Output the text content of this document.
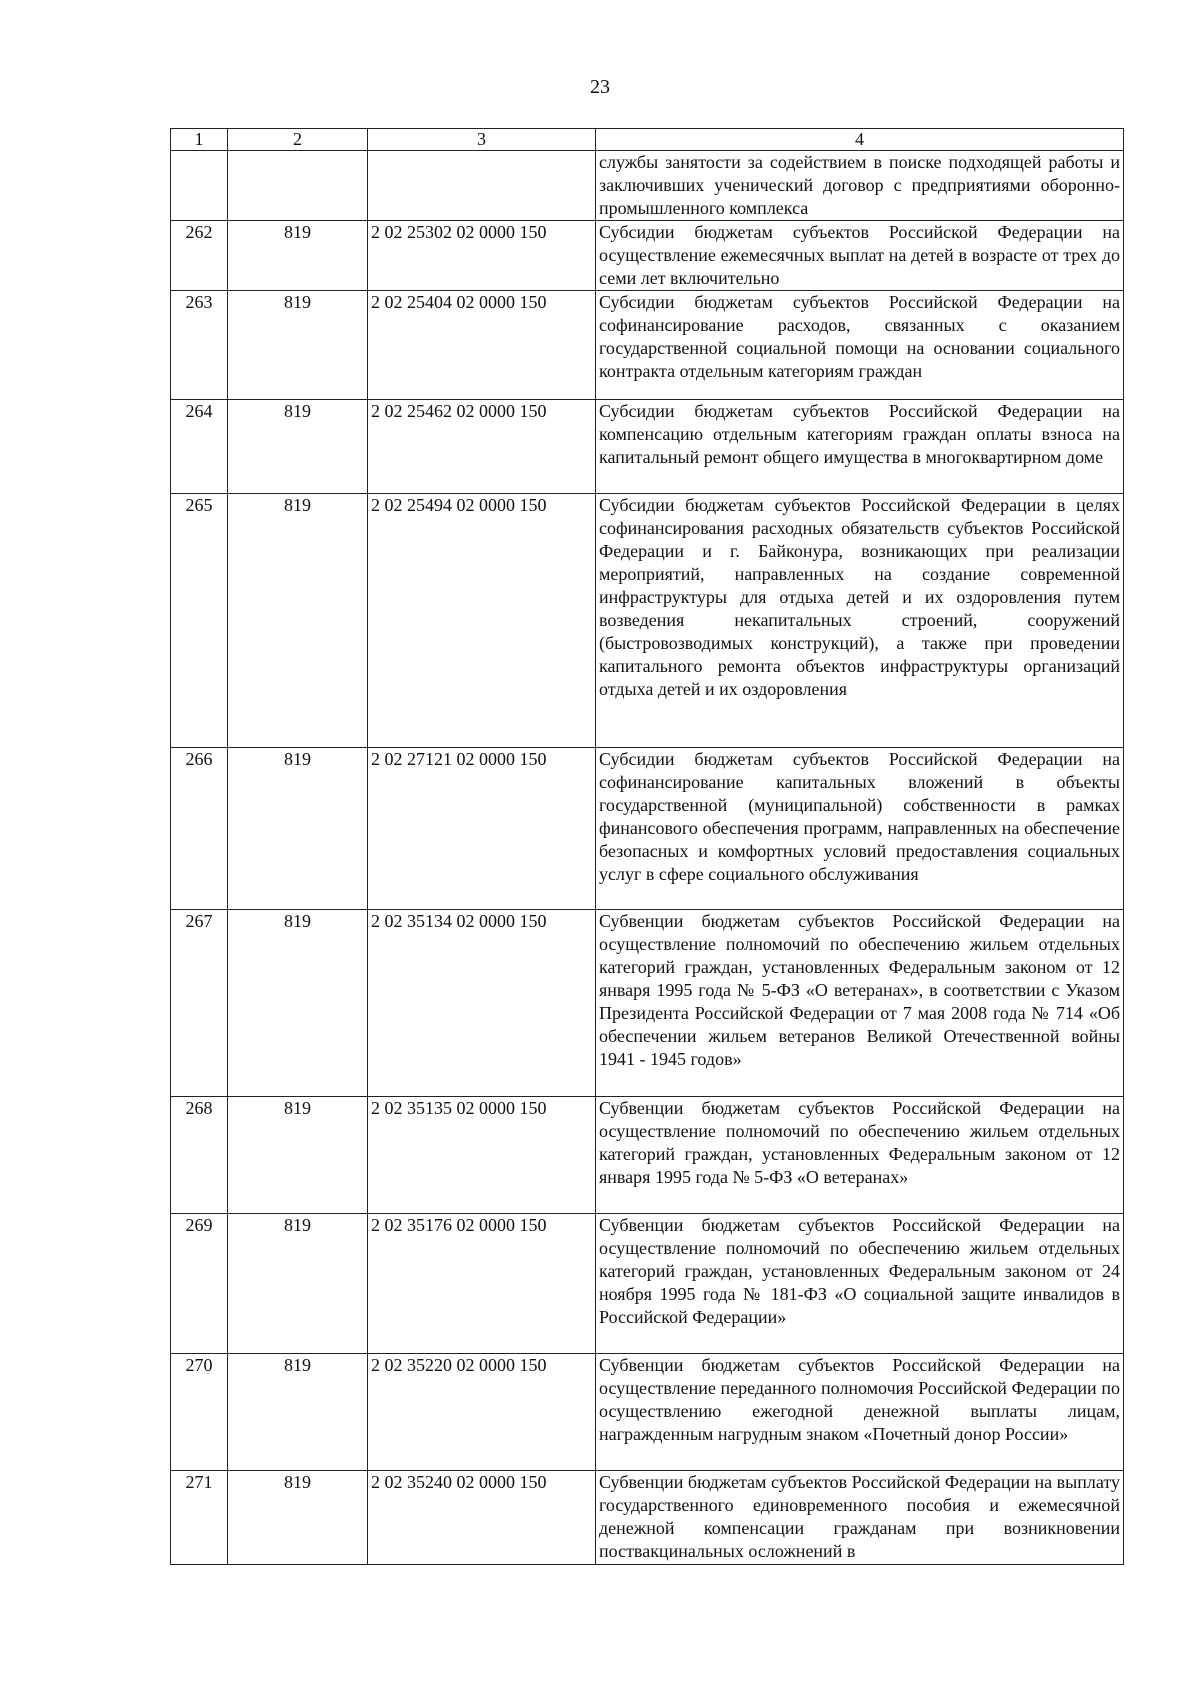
23
1	2	3	4
			службы занятости за содействием в поиске подходящей работы и заключивших ученический договор с предприятиями оборонно-промышленного комплекса
262	819	2 02 25302 02 0000 150	Субсидии бюджетам субъектов Российской Федерации на осуществление ежемесячных выплат на детей в возрасте от трех до семи лет включительно
263	819	2 02 25404 02 0000 150	Субсидии бюджетам субъектов Российской Федерации на софинансирование расходов, связанных с оказанием государственной социальной помощи на основании социального контракта отдельным категориям граждан
264	819	2 02 25462 02 0000 150	Субсидии бюджетам субъектов Российской Федерации на компенсацию отдельным категориям граждан оплаты взноса на капитальный ремонт общего имущества в многоквартирном доме
265	819	2 02 25494 02 0000 150	Субсидии бюджетам субъектов Российской Федерации в целях софинансирования расходных обязательств субъектов Российской Федерации и г. Байконура, возникающих при реализации мероприятий, направленных на создание современной инфраструктуры для отдыха детей и их оздоровления путем возведения некапитальных строений, сооружений (быстровозводимых конструкций), а также при проведении капитального ремонта объектов инфраструктуры организаций отдыха детей и их оздоровления
266	819	2 02 27121 02 0000 150	Субсидии бюджетам субъектов Российской Федерации на софинансирование капитальных вложений в объекты государственной (муниципальной) собственности в рамках финансового обеспечения программ, направленных на обеспечение безопасных и комфортных условий предоставления социальных услуг в сфере социального обслуживания
267	819	2 02 35134 02 0000 150	Субвенции бюджетам субъектов Российской Федерации на осуществление полномочий по обеспечению жильем отдельных категорий граждан, установленных Федеральным законом от 12 января 1995 года № 5-ФЗ «О ветеранах», в соответствии с Указом Президента Российской Федерации от 7 мая 2008 года № 714 «Об обеспечении жильем ветеранов Великой Отечественной войны 1941 - 1945 годов»
268	819	2 02 35135 02 0000 150	Субвенции бюджетам субъектов Российской Федерации на осуществление полномочий по обеспечению жильем отдельных категорий граждан, установленных Федеральным законом от 12 января 1995 года № 5-ФЗ «О ветеранах»
269	819	2 02 35176 02 0000 150	Субвенции бюджетам субъектов Российской Федерации на осуществление полномочий по обеспечению жильем отдельных категорий граждан, установленных Федеральным законом от 24 ноября 1995 года № 181-ФЗ «О социальной защите инвалидов в Российской Федерации»
270	819	2 02 35220 02 0000 150	Субвенции бюджетам субъектов Российской Федерации на осуществление переданного полномочия Российской Федерации по осуществлению ежегодной денежной выплаты лицам, награжденным нагрудным знаком «Почетный донор России»
271	819	2 02 35240 02 0000 150	Субвенции бюджетам субъектов Российской Федерации на выплату государственного единовременного пособия и ежемесячной денежной компенсации гражданам при возникновении поствакцинальных осложнений в
